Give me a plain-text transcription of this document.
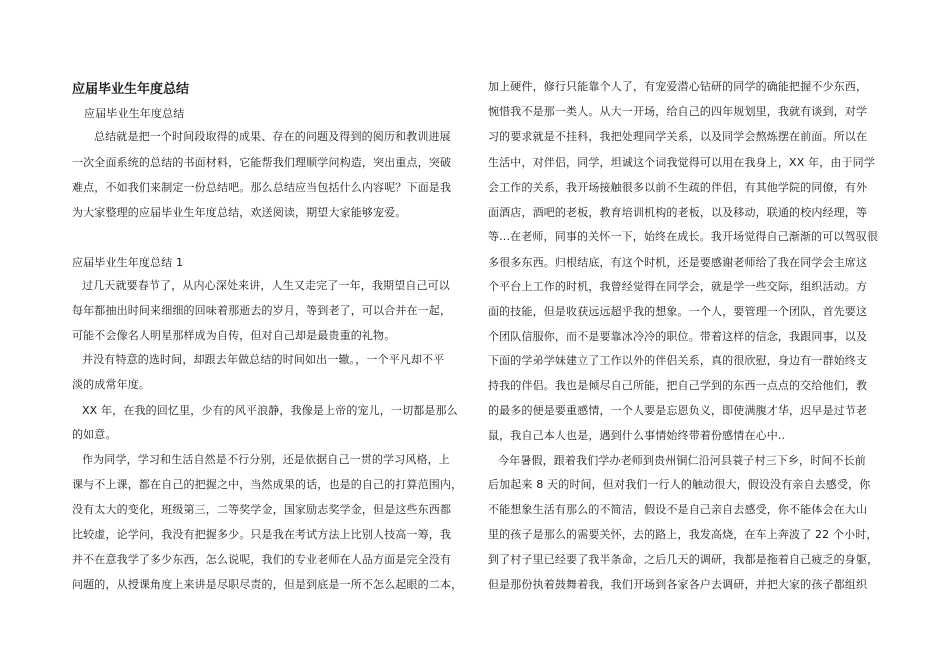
应届毕业生年度总结
应届毕业生年度总结
总结就是把一个时间段取得的成果、存在的问题及得到的阅历和教训进展
一次全面系统的总结的书面材料，它能帮我们理顺学问构造，突出重点，突破
难点，不如我们来制定一份总结吧。那么总结应当包括什么内容呢？下面是我
为大家整理的应届毕业生年度总结，欢送阅读，期望大家能够宠爱。
应届毕业生年度总结 1
过几天就要春节了，从内心深处来讲，人生又走完了一年，我期望自己可以
每年都抽出时间来细细的回味着那逝去的岁月，等到老了，可以合并在一起，
可能不会像名人明星那样成为自传，但对自己却是最贵重的礼物。
并没有特意的选时间，却跟去年做总结的时间如出一辙。，一个平凡却不平
淡的成常年度。
XX 年，在我的回忆里，少有的风平浪静，我像是上帝的宠儿，一切都是那么
的如意。
作为同学，学习和生活自然是不行分别，还是依据自己一贯的学习风格，上
课与不上课，都在自己的把握之中，当然成果的话，也是的自己的打算范围内，
没有太大的变化，班级第三，二等奖学金，国家励志奖学金，但是这些东西都
比较虚，论学问，我没有把握多少。只是我在考试方法上比别人技高一筹，我
并不在意我学了多少东西，怎么说呢，我们的专业老师在人品方面是完全没有
问题的，从授课角度上来讲是尽职尽责的，但是到底是一所不怎么起眼的二本，
加上硬件，修行只能靠个人了，有宠爱潜心钻研的同学的确能把握不少东西，
惋惜我不是那一类人。从大一开场，给自己的四年规划里，我就有谈到，对学
习的要求就是不挂科，我把处理同学关系，以及同学会熬炼摆在前面。所以在
生活中，对伴侣，同学，坦诚这个词我觉得可以用在我身上，XX 年，由于同学
会工作的关系，我开场接触很多以前不生疏的伴侣，有其他学院的同僚，有外
面酒店，酒吧的老板，教育培训机构的老板，以及移动，联通的校内经理，等
等...在老师，同事的关怀一下，始终在成长。我开场觉得自己渐渐的可以驾驭很
多很多东西。归根结底，有这个时机，还是要感谢老师给了我在同学会主席这
个平台上工作的时机，我曾经觉得在同学会，就是学一些交际，组织活动。方
面的技能，但是收获远远超乎我的想象。一个人，要管理一个团队，首先要这
个团队信服你，而不是要靠冰冷冷的职位。带着这样的信念，我跟同事，以及
下面的学弟学妹建立了工作以外的伴侣关系，真的很欣慰，身边有一群始终支
持我的伴侣。我也是倾尽自己所能，把自己学到的东西一点点的交给他们，教
的最多的便是要重感情，一个人要是忘恩负义，即使满腹才华，迟早是过节老
鼠，我自己本人也是，遇到什么事情始终带着份感情在心中..
今年暑假，跟着我们学办老师到贵州铜仁沿河县蓑子村三下乡，时间不长前
后加起来 8 天的时间，但对我们一行人的触动很大，假设没有亲自去感受，你
不能想象生活有那么的不简洁，假设不是自己亲自去感受，你不能体会在大山
里的孩子是那么的需要关怀，去的路上，我发高烧，在车上奔波了 22 个小时，
到了村子里已经要了我半条命，之后几天的调研，我都是拖着自己疲乏的身躯，
但是那份执着鼓舞着我，我们开场到各家各户去调研，并把大家的孩子都组织
